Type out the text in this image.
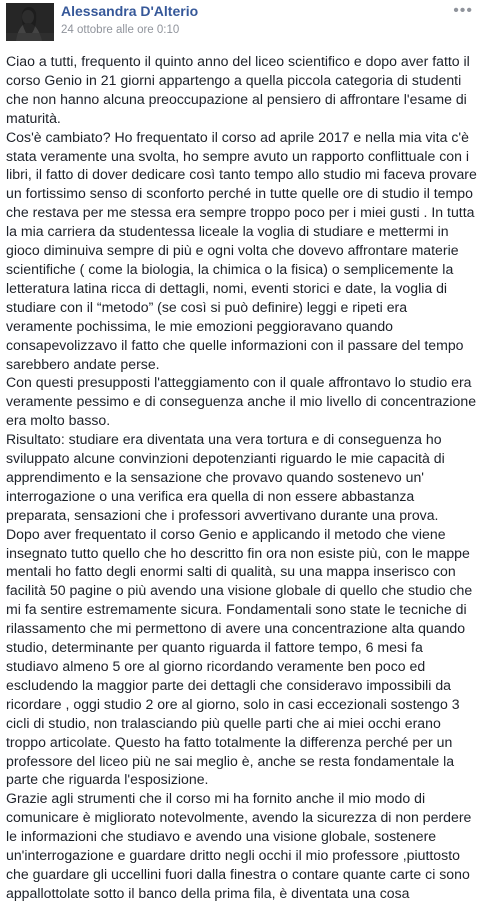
Alessandra D'Alterio
24 ottobre alle ore 0:10
•••

Ciao a tutti, frequento il quinto anno del liceo scientifico e dopo aver fatto il corso Genio in 21 giorni appartengo a quella piccola categoria di studenti che non hanno alcuna preoccupazione al pensiero di affrontare l'esame di maturità.

Cos'è cambiato? Ho frequentato il corso ad aprile 2017 e nella mia vita c'è stata veramente una svolta, ho sempre avuto un rapporto conflittuale con i libri, il fatto di dover dedicare così tanto tempo allo studio mi faceva provare un fortissimo senso di sconforto perché in tutte quelle ore di studio il tempo che restava per me stessa era sempre troppo poco per i miei gusti . In tutta la mia carriera da studentessa liceale la voglia di studiare e mettermi in gioco diminuiva sempre di più e ogni volta che dovevo affrontare materie scientifiche ( come la biologia, la chimica o la fisica) o semplicemente la letteratura latina ricca di dettagli, nomi, eventi storici e date, la voglia di studiare con il “metodo” (se così si può definire) leggi e ripeti era veramente pochissima, le mie emozioni peggioravano quando consapevolizzavo il fatto che quelle informazioni con il passare del tempo sarebbero andate perse.

Con questi presupposti l'atteggiamento con il quale affrontavo lo studio era veramente pessimo e di conseguenza anche il mio livello di concentrazione era molto basso.

Risultato: studiare era diventata una vera tortura e di conseguenza ho sviluppato alcune convinzioni depotenzianti riguardo le mie capacità di apprendimento e la sensazione che provavo quando sostenevo un' interrogazione o una verifica era quella di non essere abbastanza preparata, sensazioni che i professori avvertivano durante una prova.

Dopo aver frequentato il corso Genio e applicando il metodo che viene insegnato tutto quello che ho descritto fin ora non esiste più, con le mappe mentali ho fatto degli enormi salti di qualità, su una mappa inserisco con facilità 50 pagine o più avendo una visione globale di quello che studio che mi fa sentire estremamente sicura. Fondamentali sono state le tecniche di rilassamento che mi permettono di avere una concentrazione alta quando studio, determinante per quanto riguarda il fattore tempo, 6 mesi fa studiavo almeno 5 ore al giorno ricordando veramente ben poco ed escludendo la maggior parte dei dettagli che consideravo impossibili da ricordare , oggi studio 2 ore al giorno, solo in casi eccezionali sostengo 3 cicli di studio, non tralasciando più quelle parti che ai miei occhi erano troppo articolate. Questo ha fatto totalmente la differenza perché per un professore del liceo più ne sai meglio è, anche se resta fondamentale la parte che riguarda l'esposizione.

Grazie agli strumenti che il corso mi ha fornito anche il mio modo di comunicare è migliorato notevolmente, avendo la sicurezza di non perdere le informazioni che studiavo e avendo una visione globale, sostenere un'interrogazione e guardare dritto negli occhi il mio professore ,piuttosto che guardare gli uccellini fuori dalla finestra o contare quante carte ci sono appallottolate sotto il banco della prima fila, è diventata una cosa
